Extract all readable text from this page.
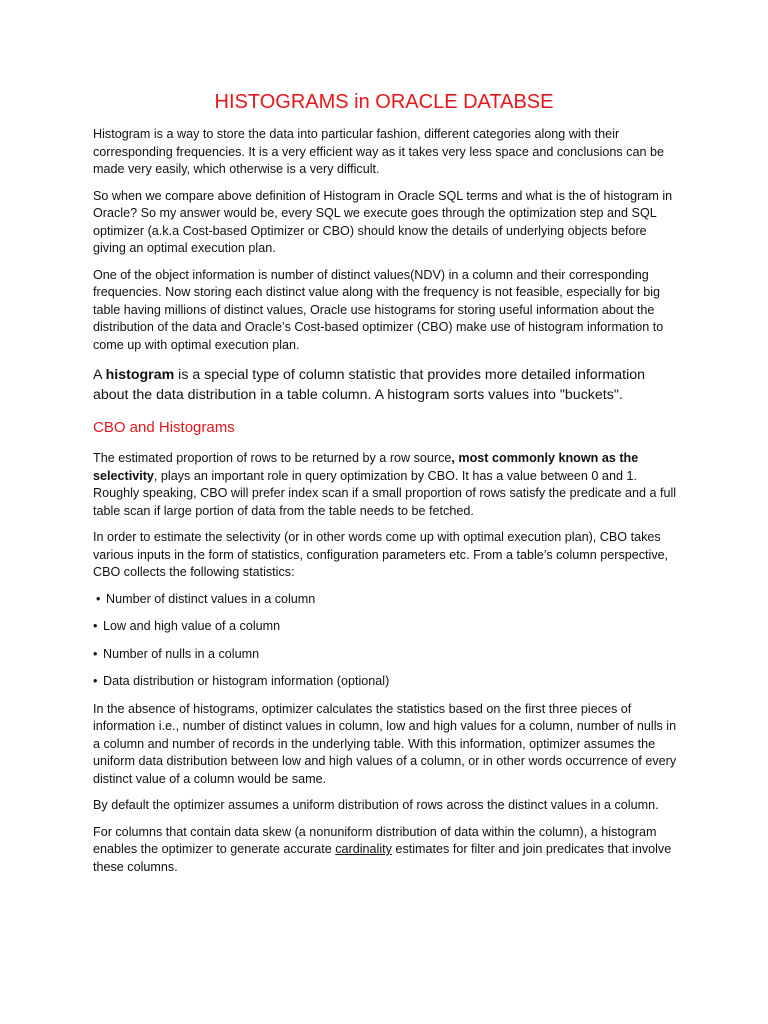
HISTOGRAMS in ORACLE DATABSE

Histogram is a way to store the data into particular fashion, different categories along with their corresponding frequencies. It is a very efficient way as it takes very less space and conclusions can be made very easily, which otherwise is a very difficult.

So when we compare above definition of Histogram in Oracle SQL terms and what is the of histogram in Oracle? So my answer would be, every SQL we execute goes through the optimization step and SQL optimizer (a.k.a Cost-based Optimizer or CBO) should know the details of underlying objects before giving an optimal execution plan.

One of the object information is number of distinct values(NDV) in a column and their corresponding frequencies. Now storing each distinct value along with the frequency is not feasible, especially for big table having millions of distinct values, Oracle use histograms for storing useful information about the distribution of the data and Oracle’s Cost-based optimizer (CBO) make use of histogram information to come up with optimal execution plan.

A histogram is a special type of column statistic that provides more detailed information about the data distribution in a table column. A histogram sorts values into "buckets".

CBO and Histograms

The estimated proportion of rows to be returned by a row source, most commonly known as the selectivity, plays an important role in query optimization by CBO. It has a value between 0 and 1. Roughly speaking, CBO will prefer index scan if a small proportion of rows satisfy the predicate and a full table scan if large portion of data from the table needs to be fetched.

In order to estimate the selectivity (or in other words come up with optimal execution plan), CBO takes various inputs in the form of statistics, configuration parameters etc. From a table’s column perspective, CBO collects the following statistics:

• Number of distinct values in a column

• Low and high value of a column

• Number of nulls in a column

• Data distribution or histogram information (optional)

In the absence of histograms, optimizer calculates the statistics based on the first three pieces of information i.e., number of distinct values in column, low and high values for a column, number of nulls in a column and number of records in the underlying table. With this information, optimizer assumes the uniform data distribution between low and high values of a column, or in other words occurrence of every distinct value of a column would be same.

By default the optimizer assumes a uniform distribution of rows across the distinct values in a column.

For columns that contain data skew (a nonuniform distribution of data within the column), a histogram enables the optimizer to generate accurate cardinality estimates for filter and join predicates that involve these columns.
